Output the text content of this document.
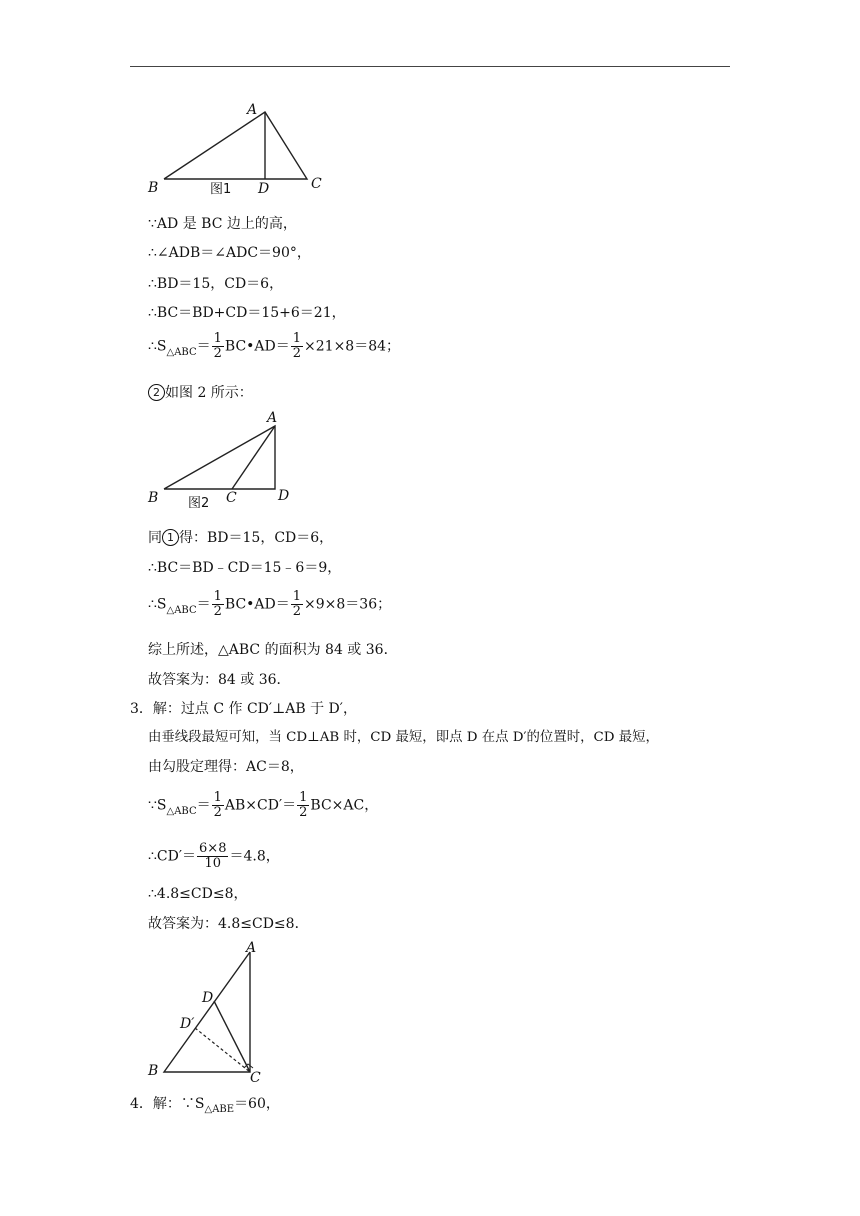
A
B	D	C
图1
∵AD 是 BC 边上的高，
∴∠ADB＝∠ADC＝90°，
∴BD＝15，CD＝6，
∴BC＝BD+CD＝15+6＝21，
$\therefore S_{\triangle ABC}= \frac{1}{2}$ BC•AD＝ $\frac{1}{2} \times 21\times 8=84$；
2 如图 2 所示：
A
B	C	D
图2
同 1 得：BD＝15，CD＝6，
∴BC＝BD﹣CD＝15﹣6＝9，
$\therefore S_{\triangle ABC}= \frac{1}{2}$ BC•AD＝ $\frac{1}{2} \times 9\times 8=36$；
综上所述，△ABC 的面积为 84 或 36．
故答案为：84 或 36．
3．解：过点 C 作 CD′⊥AB 于 D′，
由垂线段最短可知，当 CD⊥AB 时，CD 最短，即点 D 在点 D′的位置时，CD 最短，
由勾股定理得：AC＝8，
$\because S_{\triangle ABC}= \frac{1}{2} AB\times CD'= \frac{1}{2} BC\times AC$，
∴CD′＝ $\frac{6\times 8}{10} =4.8$，
∴4.8≤CD≤8，
故答案为：4.8≤CD≤8．
A
D
D′
B	C
4．解：$\because S_{\triangle ABE}=60$，
